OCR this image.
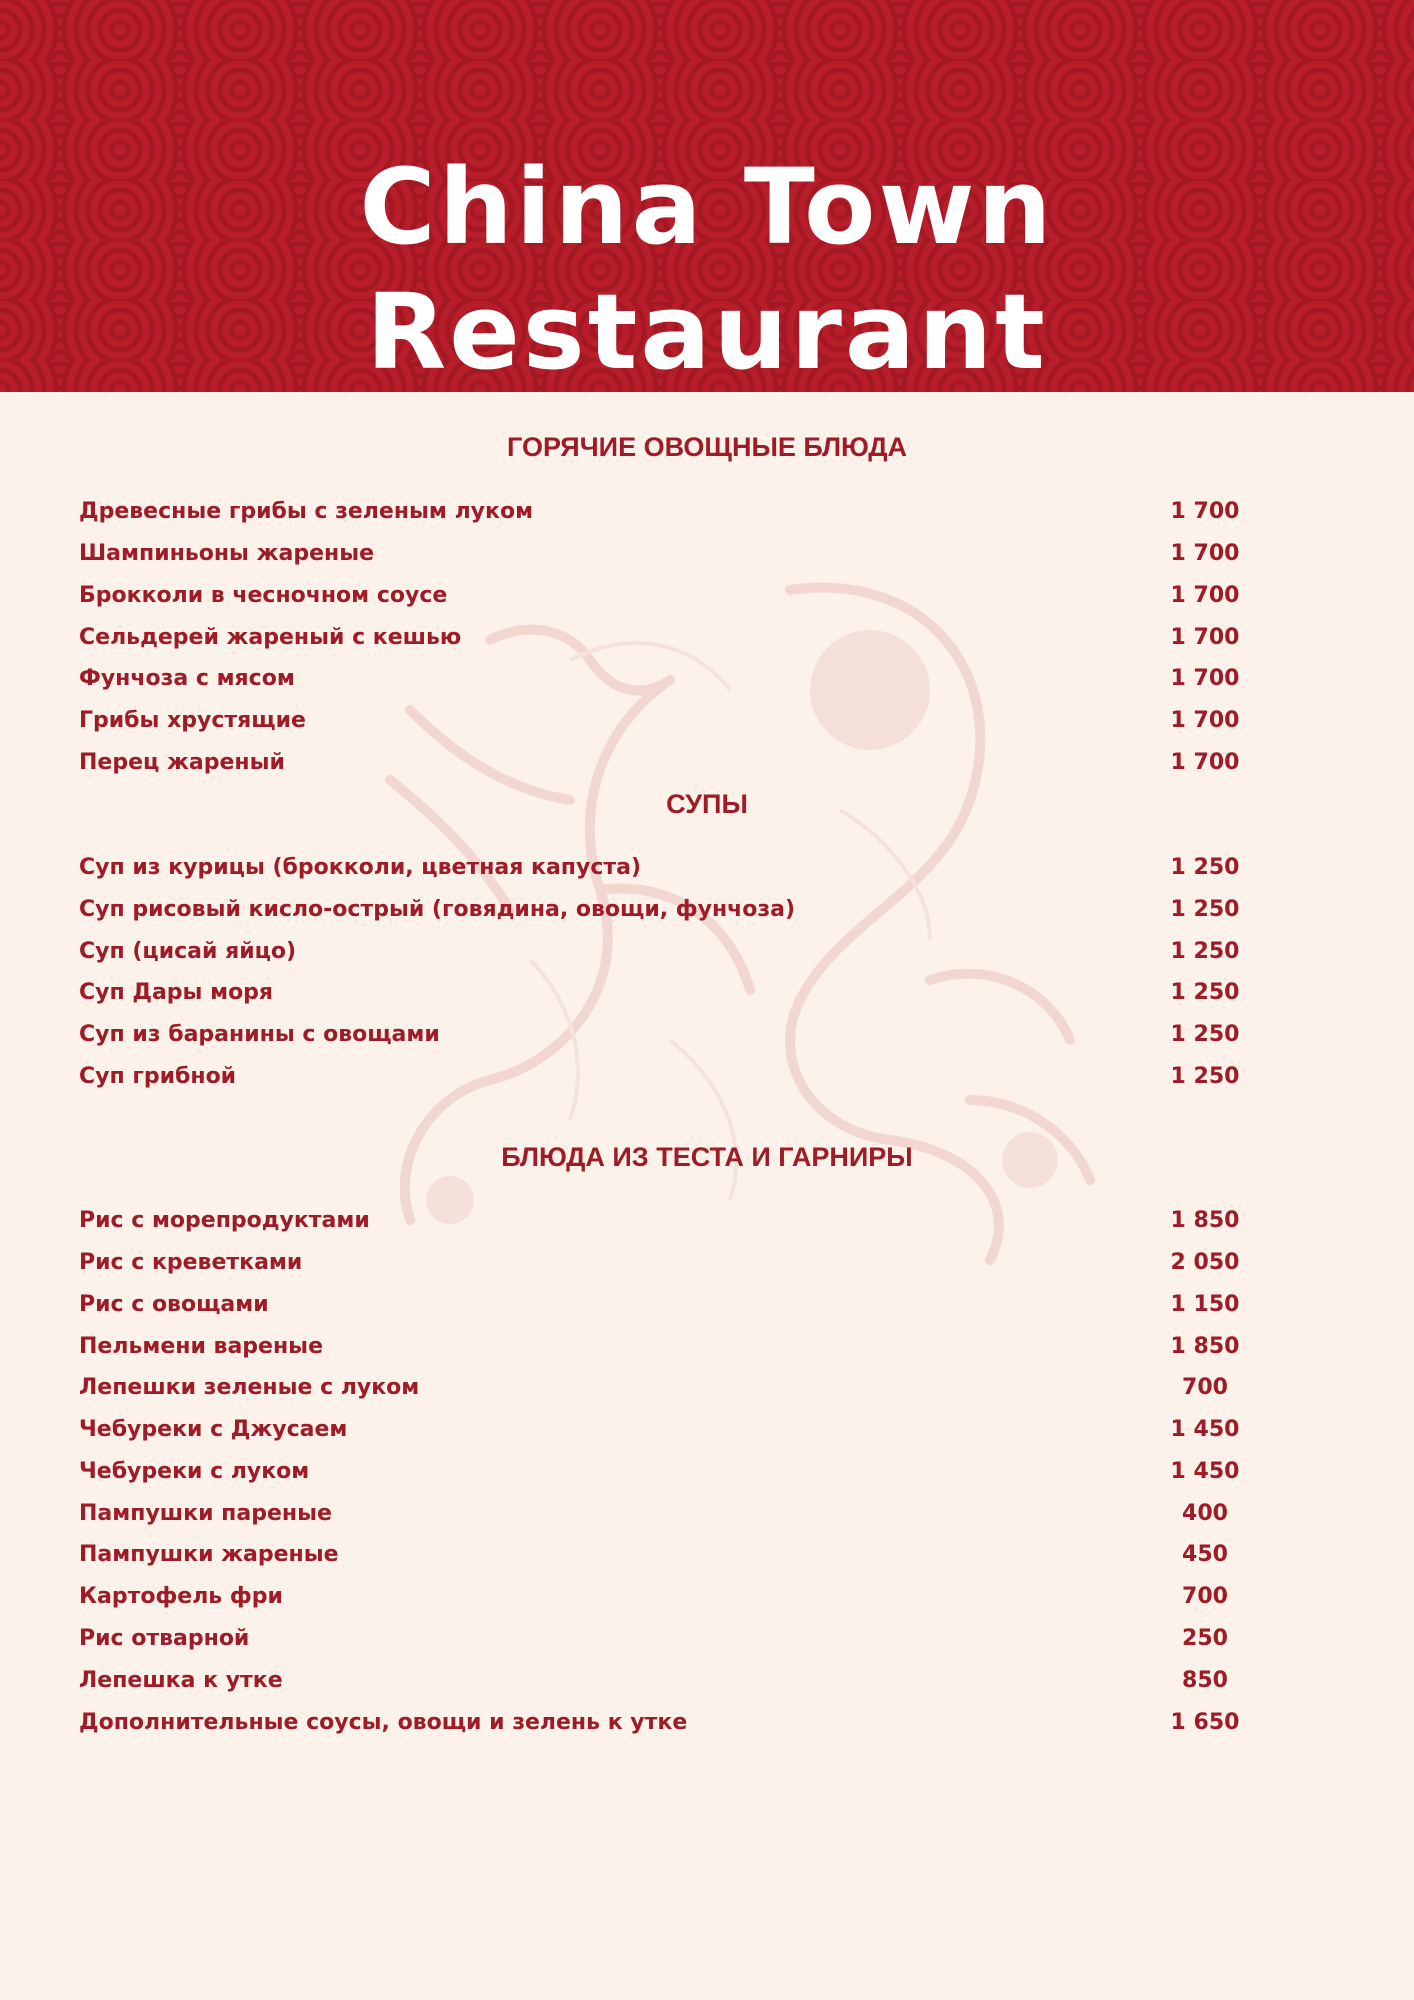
China Town Restaurant
ГОРЯЧИЕ ОВОЩНЫЕ БЛЮДА
Древесные грибы с зеленым луком	1 700
Шампиньоны жареные	1 700
Брокколи в чесночном соусе	1 700
Сельдерей жареный с кешью	1 700
Фунчоза с мясом	1 700
Грибы хрустящие	1 700
Перец жареный	1 700
СУПЫ
Суп из курицы (брокколи, цветная капуста)	1 250
Суп рисовый кисло-острый (говядина, овощи, фунчоза)	1 250
Суп (цисай яйцо)	1 250
Суп Дары моря	1 250
Суп из баранины с овощами	1 250
Суп грибной	1 250
БЛЮДА ИЗ ТЕСТА И ГАРНИРЫ
Рис с морепродуктами	1 850
Рис с креветками	2 050
Рис с овощами	1 150
Пельмени вареные	1 850
Лепешки зеленые с луком	700
Чебуреки с Джусаем	1 450
Чебуреки с луком	1 450
Пампушки пареные	400
Пампушки жареные	450
Картофель фри	700
Рис отварной	250
Лепешка к утке	850
Дополнительные соусы, овощи и зелень к утке	1 650
